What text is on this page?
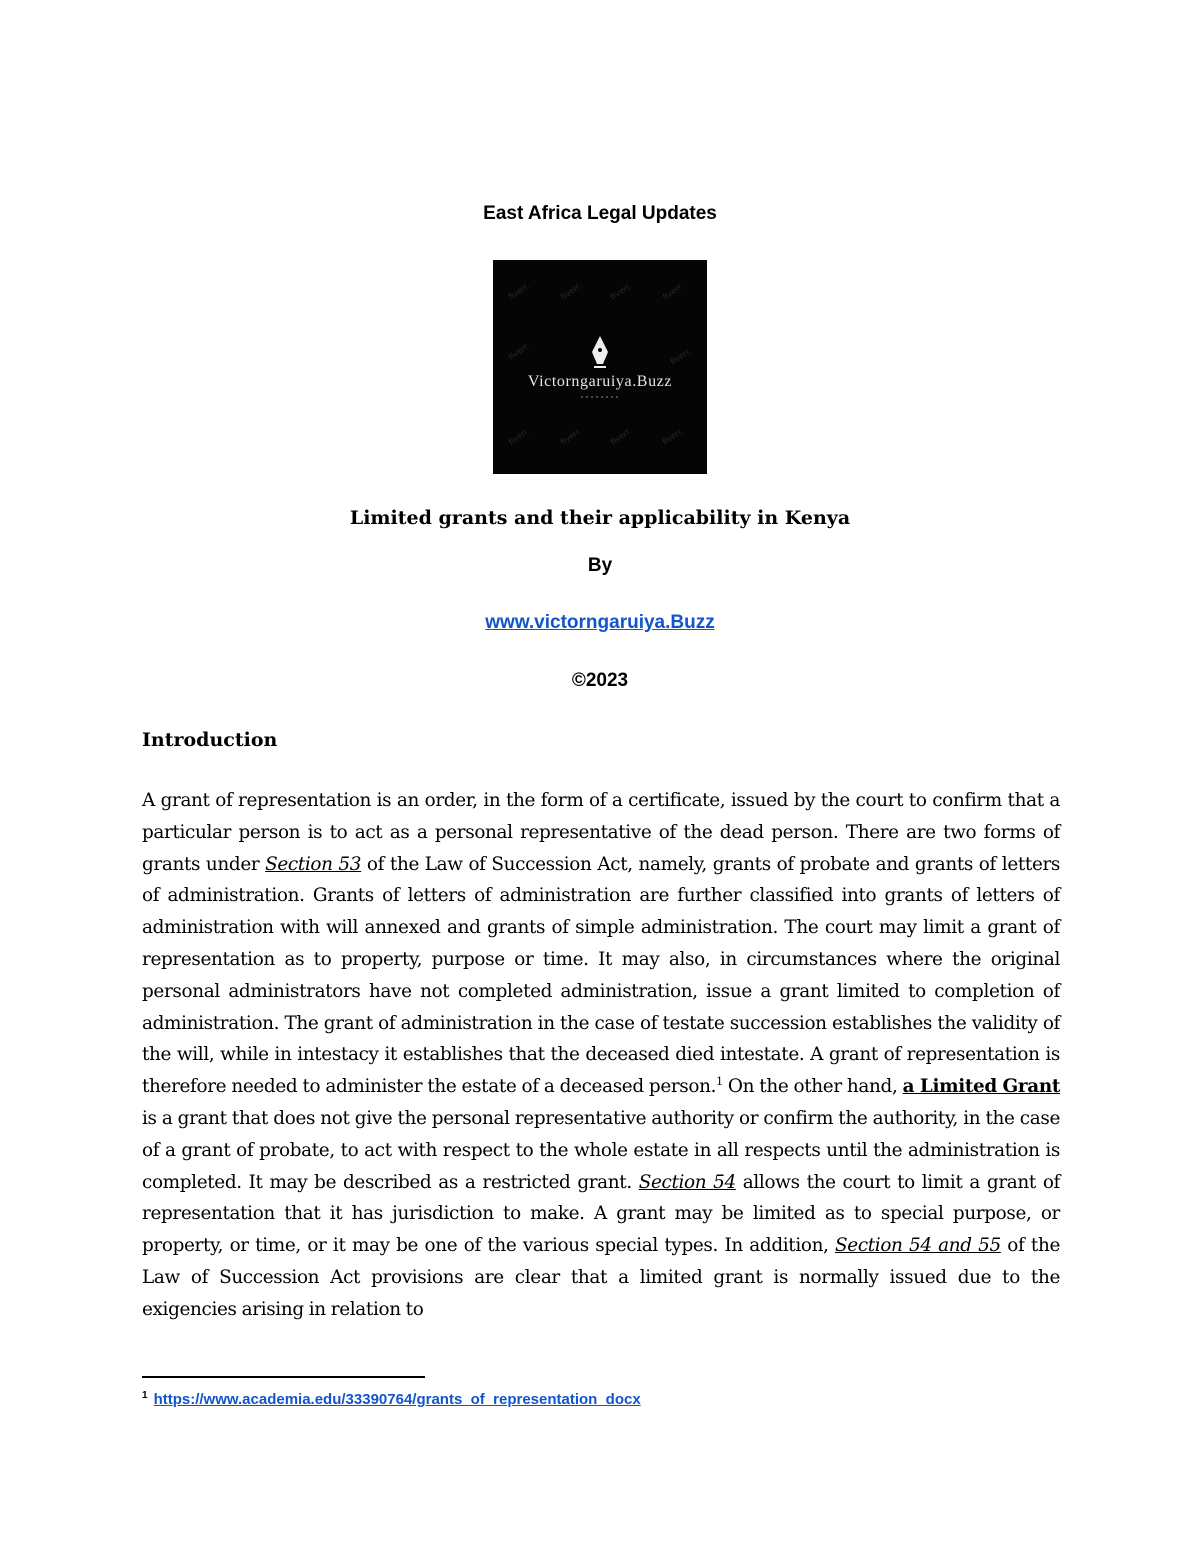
East Africa Legal Updates
fiverr.	fiverr.	fiverr.	fiverr.
fiverr.	fiverr.
fiverr.	fiverr.	fiverr.	fiverr.
Victorngaruiya.Buzz
Limited grants and their applicability in Kenya
By
www.victorngaruiya.Buzz
©2023
Introduction
A grant of representation is an order, in the form of a certificate, issued by the court to confirm that a particular person is to act as a personal representative of the dead person. There are two forms of grants under Section 53 of the Law of Succession Act, namely, grants of probate and grants of letters of administration. Grants of letters of administration are further classified into grants of letters of administration with will annexed and grants of simple administration. The court may limit a grant of representation as to property, purpose or time. It may also, in circumstances where the original personal administrators have not completed administration, issue a grant limited to completion of administration. The grant of administration in the case of testate succession establishes the validity of the will, while in intestacy it establishes that the deceased died intestate. A grant of representation is therefore needed to administer the estate of a deceased person.$^1$ On the other hand, a Limited Grant is a grant that does not give the personal representative authority or confirm the authority, in the case of a grant of probate, to act with respect to the whole estate in all respects until the administration is completed. It may be described as a restricted grant. Section 54 allows the court to limit a grant of representation that it has jurisdiction to make. A grant may be limited as to special purpose, or property, or time, or it may be one of the various special types. In addition, Section 54 and 55 of the Law of Succession Act provisions are clear that a limited grant is normally issued due to the exigencies arising in relation to
$^1$ https://www.academia.edu/33390764/grants_of_representation_docx
